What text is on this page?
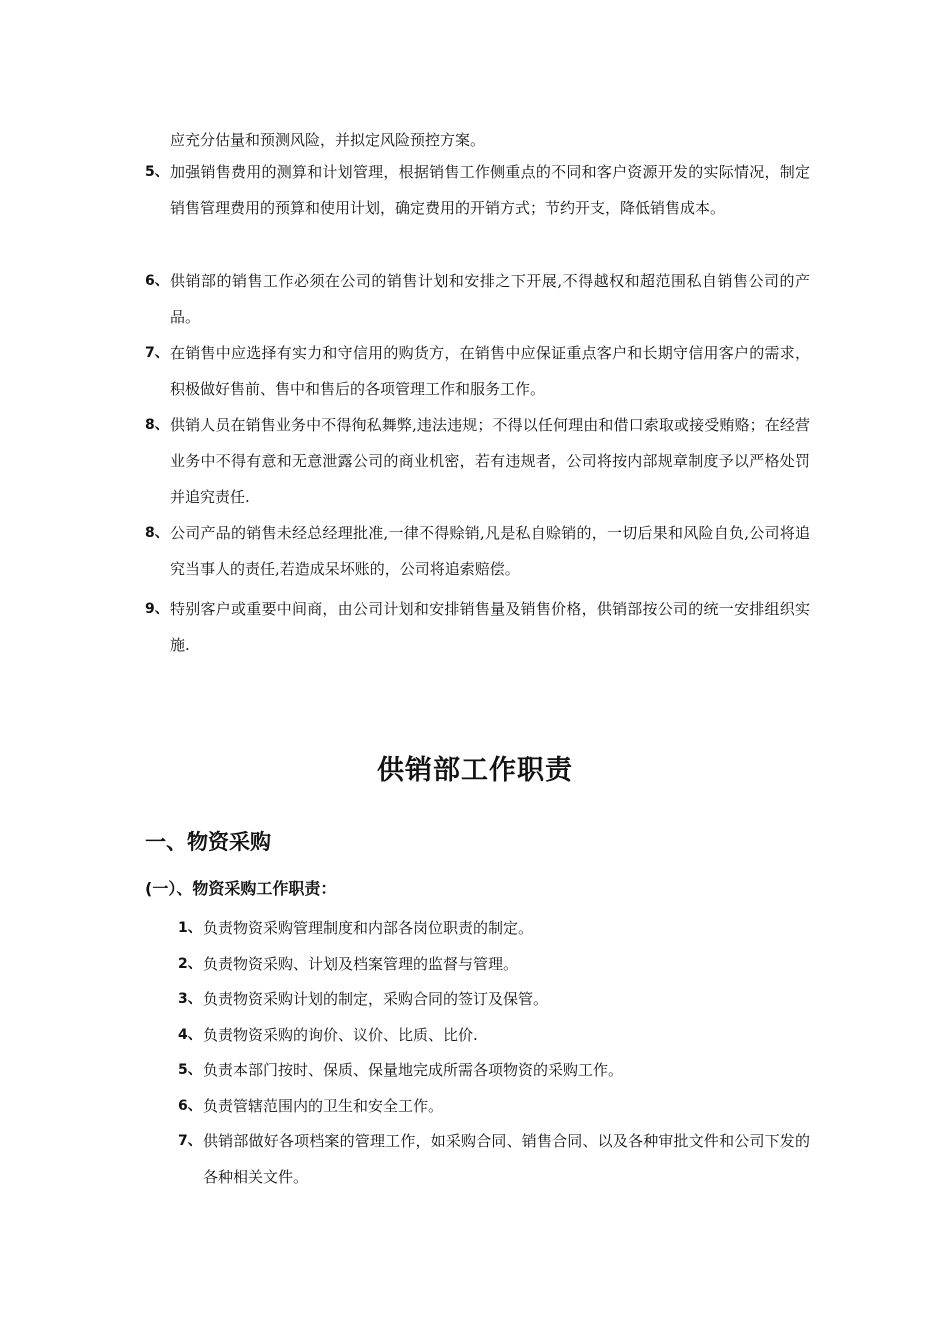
应充分估量和预测风险，并拟定风险预控方案。
5、 加强销售费用的测算和计划管理，根据销售工作侧重点的不同和客户资源开发的实际情况，制定销售管理费用的预算和使用计划，确定费用的开销方式；节约开支，降低销售成本。
6、 供销部的销售工作必须在公司的销售计划和安排之下开展,不得越权和超范围私自销售公司的产品。
7、 在销售中应选择有实力和守信用的购货方，在销售中应保证重点客户和长期守信用客户的需求，积极做好售前、售中和售后的各项管理工作和服务工作。
8、 供销人员在销售业务中不得徇私舞弊,违法违规；不得以任何理由和借口索取或接受贿赂；在经营业务中不得有意和无意泄露公司的商业机密，若有违规者，公司将按内部规章制度予以严格处罚并追究责任.
8、 公司产品的销售未经总经理批准,一律不得赊销,凡是私自赊销的，一切后果和风险自负,公司将追究当事人的责任,若造成呆坏账的，公司将追索赔偿。
9、 特别客户或重要中间商，由公司计划和安排销售量及销售价格，供销部按公司的统一安排组织实施.
供销部工作职责
一、物资采购
(一）、物资采购工作职责：
1、 负责物资采购管理制度和内部各岗位职责的制定。
2、 负责物资采购、计划及档案管理的监督与管理。
3、 负责物资采购计划的制定，采购合同的签订及保管。
4、 负责物资采购的询价、议价、比质、比价.
5、 负责本部门按时、保质、保量地完成所需各项物资的采购工作。
6、 负责管辖范围内的卫生和安全工作。
7、 供销部做好各项档案的管理工作，如采购合同、销售合同、以及各种审批文件和公司下发的各种相关文件。
